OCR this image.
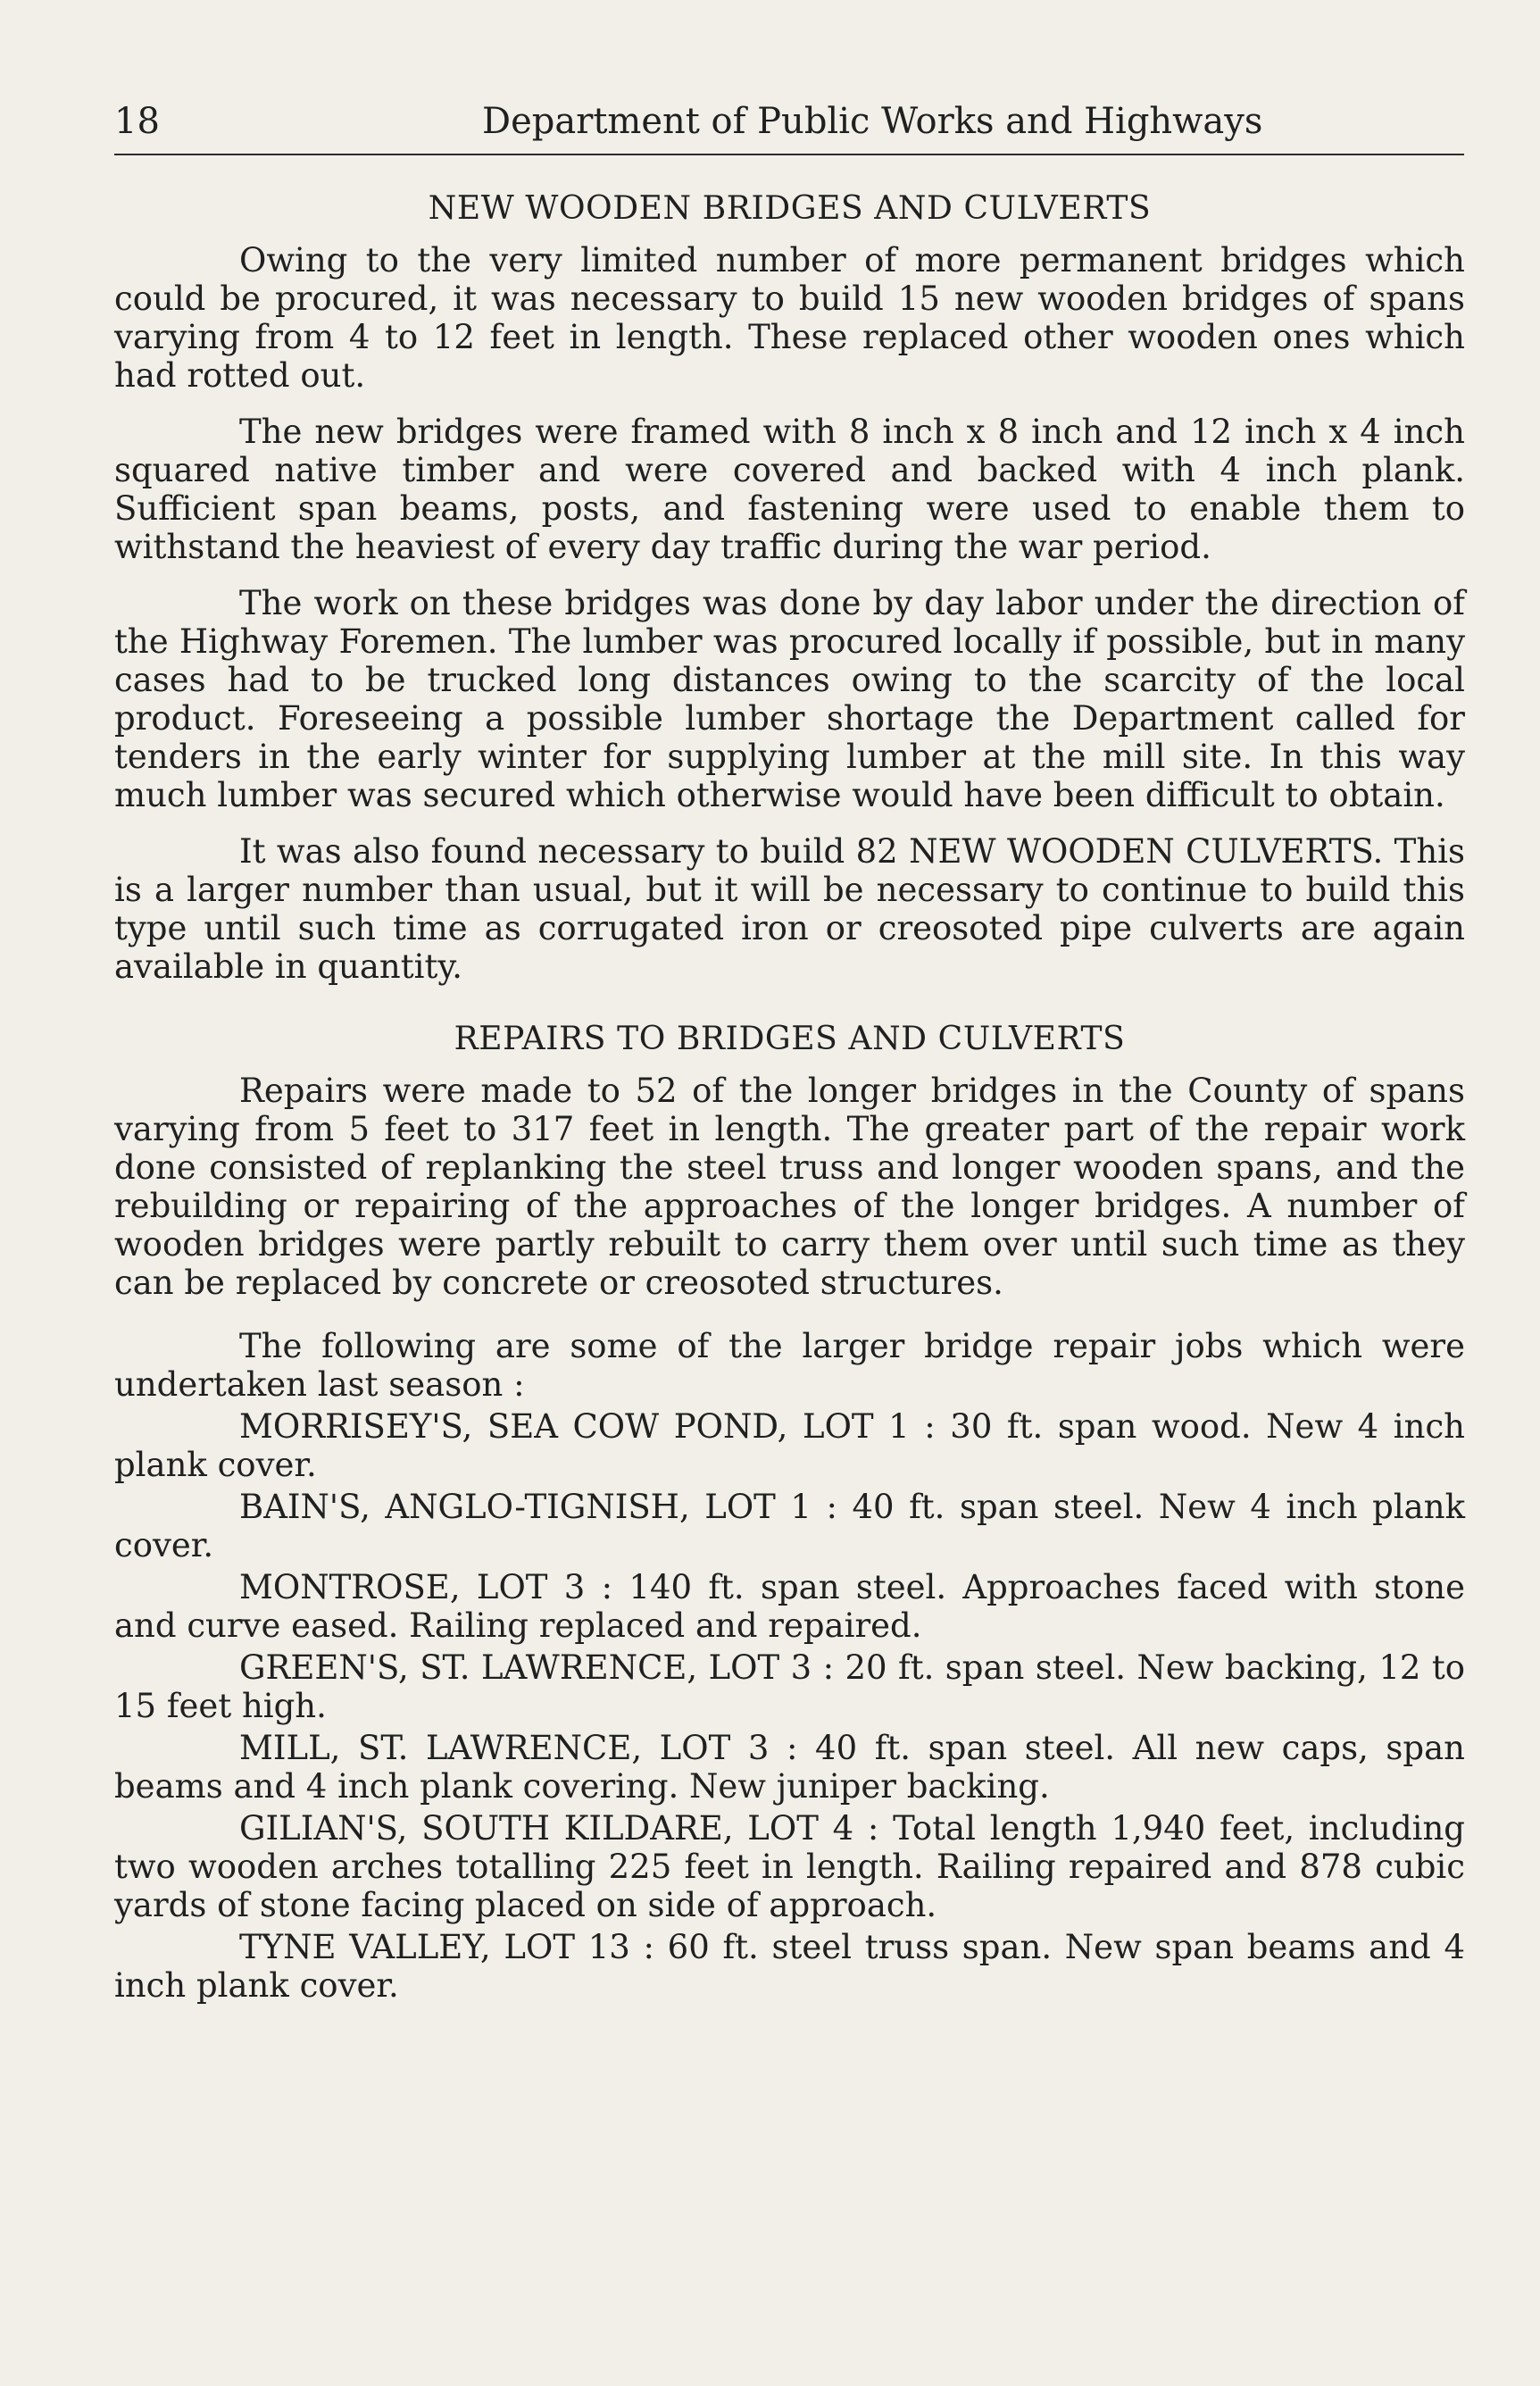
18	Department of Public Works and Highways
NEW WOODEN BRIDGES AND CULVERTS

Owing to the very limited number of more permanent bridges which could be procured, it was necessary to build 15 new wooden bridges of spans varying from 4 to 12 feet in length. These replaced other wooden ones which had rotted out.

The new bridges were framed with 8 inch x 8 inch and 12 inch x 4 inch squared native timber and were covered and backed with 4 inch plank. Sufficient span beams, posts, and fastening were used to enable them to withstand the heaviest of every day traffic during the war period.

The work on these bridges was done by day labor under the direction of the Highway Foremen. The lumber was procured locally if possible, but in many cases had to be trucked long distances owing to the scarcity of the local product. Foreseeing a possible lumber shortage the Department called for tenders in the early winter for supplying lumber at the mill site. In this way much lumber was secured which otherwise would have been difficult to obtain.

It was also found necessary to build 82 NEW WOODEN CULVERTS. This is a larger number than usual, but it will be necessary to continue to build this type until such time as corrugated iron or creosoted pipe culverts are again available in quantity.

REPAIRS TO BRIDGES AND CULVERTS

Repairs were made to 52 of the longer bridges in the County of spans varying from 5 feet to 317 feet in length. The greater part of the repair work done consisted of replanking the steel truss and longer wooden spans, and the rebuilding or repairing of the approaches of the longer bridges. A number of wooden bridges were partly rebuilt to carry them over until such time as they can be replaced by concrete or creosoted structures.

The following are some of the larger bridge repair jobs which were undertaken last season :

MORRISEY'S, SEA COW POND, LOT 1 : 30 ft. span wood. New 4 inch plank cover.

BAIN'S, ANGLO-TIGNISH, LOT 1 : 40 ft. span steel. New 4 inch plank cover.

MONTROSE, LOT 3 : 140 ft. span steel. Approaches faced with stone and curve eased. Railing replaced and repaired.

GREEN'S, ST. LAWRENCE, LOT 3 : 20 ft. span steel. New backing, 12 to 15 feet high.

MILL, ST. LAWRENCE, LOT 3 : 40 ft. span steel. All new caps, span beams and 4 inch plank covering. New juniper backing.

GILIAN'S, SOUTH KILDARE, LOT 4 : Total length 1,940 feet, including two wooden arches totalling 225 feet in length. Railing repaired and 878 cubic yards of stone facing placed on side of approach.

TYNE VALLEY, LOT 13 : 60 ft. steel truss span. New span beams and 4 inch plank cover.
